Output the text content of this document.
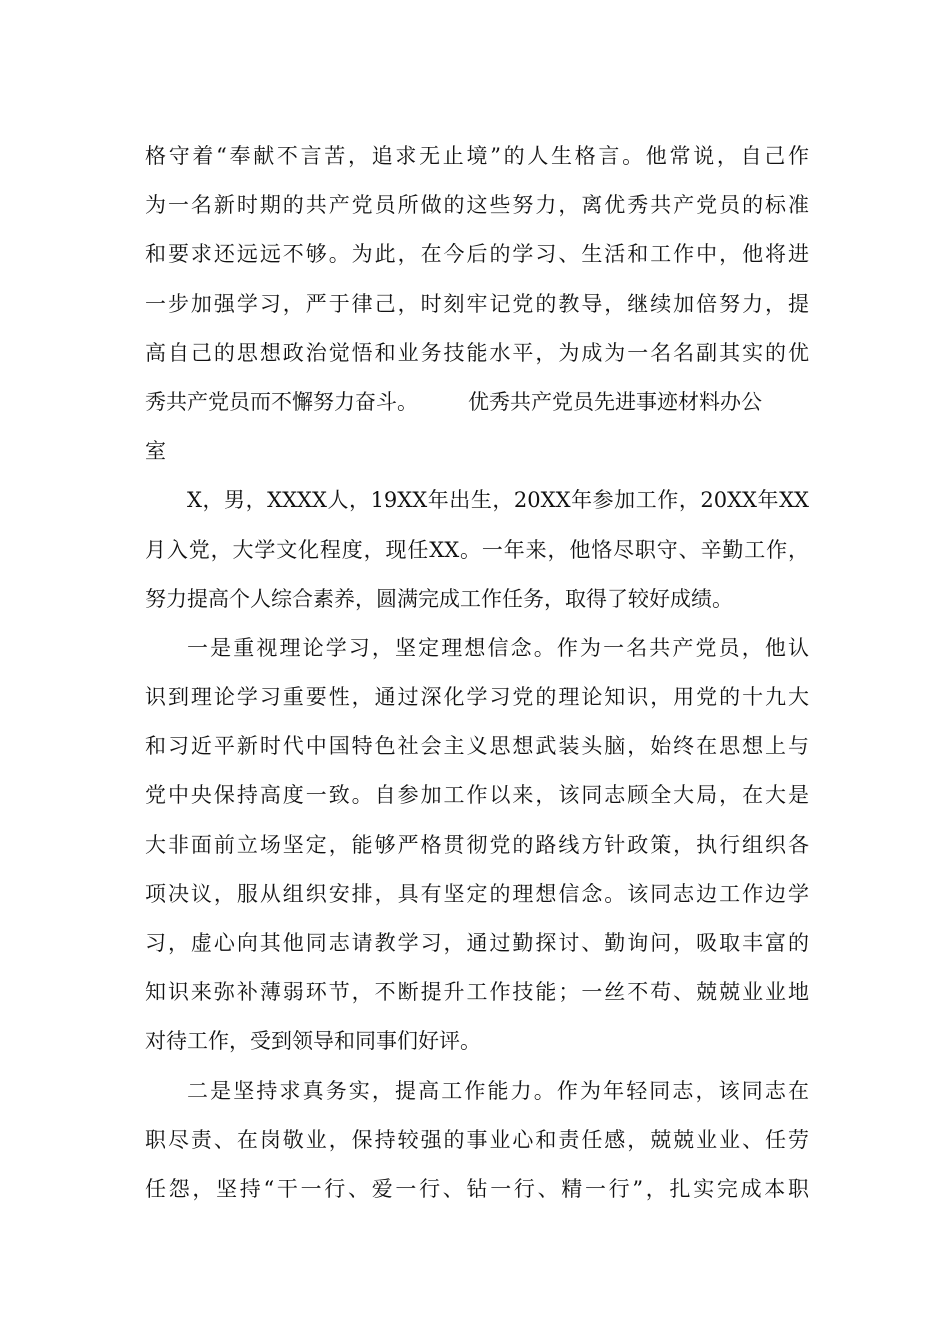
格守着“奉献不言苦，追求无止境”的人生格言。他常说，自己作
为一名新时期的共产党员所做的这些努力，离优秀共产党员的标准
和要求还远远不够。为此，在今后的学习、生活和工作中，他将进
一步加强学习，严于律己，时刻牢记党的教导，继续加倍努力，提
高自己的思想政治觉悟和业务技能水平，为成为一名名副其实的优
秀共产党员而不懈努力奋斗。 优秀共产党员先进事迹材料办公
室
X，男，XXXX人，19XX年出生，20XX年参加工作，20XX年XX
月入党，大学文化程度，现任XX。一年来，他恪尽职守、辛勤工作，
努力提高个人综合素养，圆满完成工作任务，取得了较好成绩。
一是重视理论学习，坚定理想信念。作为一名共产党员，他认
识到理论学习重要性，通过深化学习党的理论知识，用党的十九大
和习近平新时代中国特色社会主义思想武装头脑，始终在思想上与
党中央保持高度一致。自参加工作以来，该同志顾全大局，在大是
大非面前立场坚定，能够严格贯彻党的路线方针政策，执行组织各
项决议，服从组织安排，具有坚定的理想信念。该同志边工作边学
习，虚心向其他同志请教学习，通过勤探讨、勤询问，吸取丰富的
知识来弥补薄弱环节，不断提升工作技能；一丝不苟、兢兢业业地
对待工作，受到领导和同事们好评。
二是坚持求真务实，提高工作能力。作为年轻同志，该同志在
职尽责、在岗敬业，保持较强的事业心和责任感，兢兢业业、任劳
任怨，坚持“干一行、爱一行、钻一行、精一行”，扎实完成本职
